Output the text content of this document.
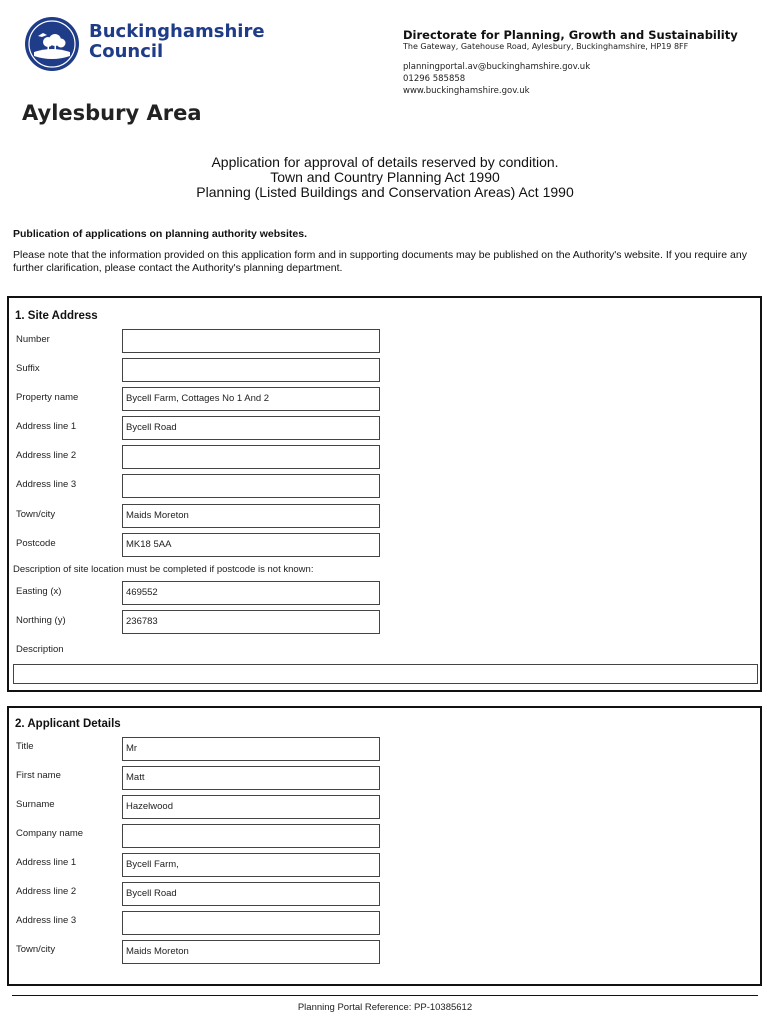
Buckinghamshire
Council
Directorate for Planning, Growth and Sustainability
The Gateway, Gatehouse Road, Aylesbury, Buckinghamshire, HP19 8FF
planningportal.av@buckinghamshire.gov.uk
01296 585858
www.buckinghamshire.gov.uk
Aylesbury Area
Application for approval of details reserved by condition.
Town and Country Planning Act 1990
Planning (Listed Buildings and Conservation Areas) Act 1990
Publication of applications on planning authority websites.
Please note that the information provided on this application form and in supporting documents may be published on the Authority's website. If you require any further clarification, please contact the Authority's planning department.
1. Site Address
Number
Suffix
Property name	Bycell Farm, Cottages No 1 And 2
Address line 1	Bycell Road
Address line 2
Address line 3
Town/city	Maids Moreton
Postcode	MK18 5AA
Description of site location must be completed if postcode is not known:
Easting (x)	469552
Northing (y)	236783
Description
2. Applicant Details
Title	Mr
First name	Matt
Surname	Hazelwood
Company name
Address line 1	Bycell Farm,
Address line 2	Bycell Road
Address line 3
Town/city	Maids Moreton
Planning Portal Reference: PP-10385612
